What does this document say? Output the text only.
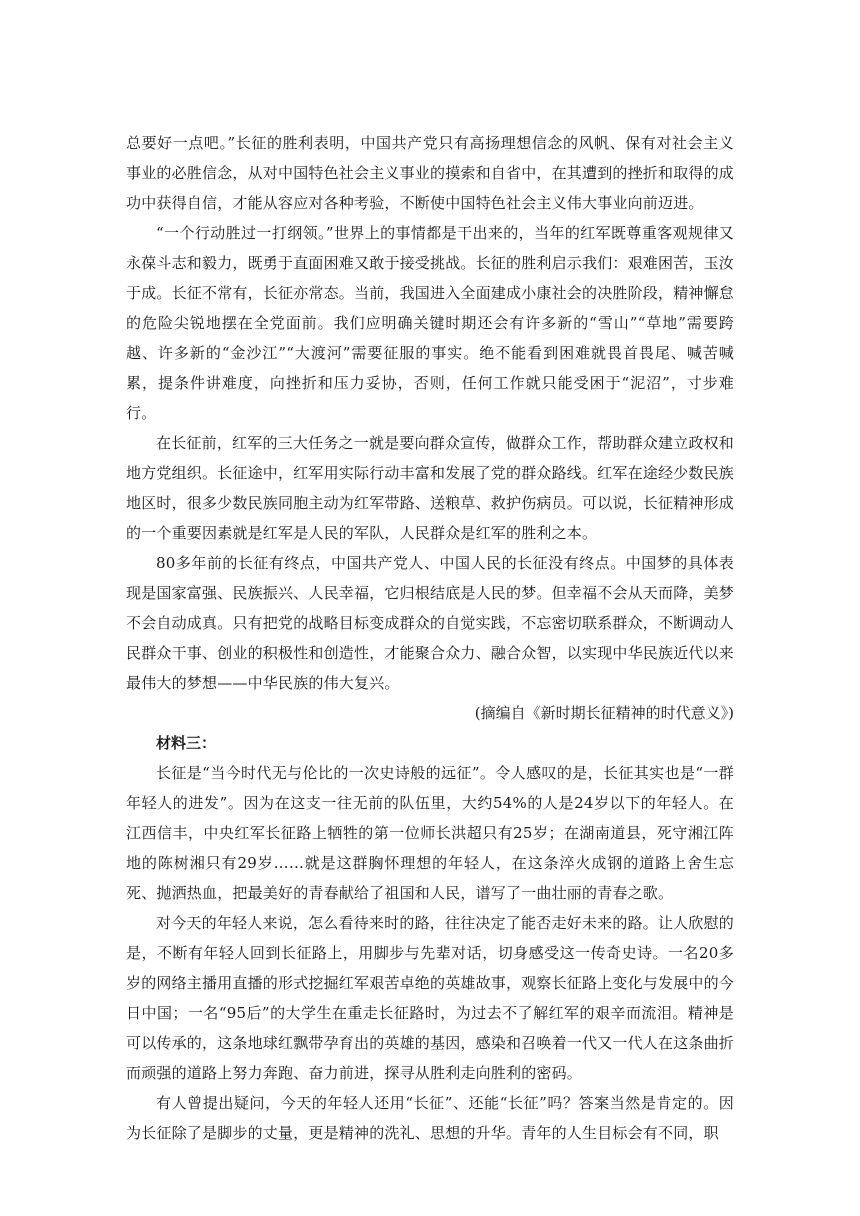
总要好一点吧。”长征的胜利表明，中国共产党只有高扬理想信念的风帆、保有对社会主义事业的必胜信念，从对中国特色社会主义事业的摸索和自省中，在其遭到的挫折和取得的成功中获得自信，才能从容应对各种考验，不断使中国特色社会主义伟大事业向前迈进。

“一个行动胜过一打纲领。”世界上的事情都是干出来的，当年的红军既尊重客观规律又永葆斗志和毅力，既勇于直面困难又敢于接受挑战。长征的胜利启示我们：艰难困苦，玉汝于成。长征不常有，长征亦常态。当前，我国进入全面建成小康社会的决胜阶段，精神懈怠的危险尖锐地摆在全党面前。我们应明确关键时期还会有许多新的“雪山”“草地”需要跨越、许多新的“金沙江”“大渡河”需要征服的事实。绝不能看到困难就畏首畏尾、喊苦喊累，提条件讲难度，向挫折和压力妥协，否则，任何工作就只能受困于“泥沼”，寸步难行。

在长征前，红军的三大任务之一就是要向群众宣传，做群众工作，帮助群众建立政权和地方党组织。长征途中，红军用实际行动丰富和发展了党的群众路线。红军在途经少数民族地区时，很多少数民族同胞主动为红军带路、送粮草、救护伤病员。可以说，长征精神形成的一个重要因素就是红军是人民的军队，人民群众是红军的胜利之本。

80多年前的长征有终点，中国共产党人、中国人民的长征没有终点。中国梦的具体表现是国家富强、民族振兴、人民幸福，它归根结底是人民的梦。但幸福不会从天而降，美梦不会自动成真。只有把党的战略目标变成群众的自觉实践，不忘密切联系群众，不断调动人民群众干事、创业的积极性和创造性，才能聚合众力、融合众智，以实现中华民族近代以来最伟大的梦想——中华民族的伟大复兴。

(摘编自《新时期长征精神的时代意义》)

材料三：

长征是“当今时代无与伦比的一次史诗般的远征”。令人感叹的是，长征其实也是“一群年轻人的进发”。因为在这支一往无前的队伍里，大约54%的人是24岁以下的年轻人。在江西信丰，中央红军长征路上牺牲的第一位师长洪超只有25岁；在湖南道县，死守湘江阵地的陈树湘只有29岁……就是这群胸怀理想的年轻人，在这条淬火成钢的道路上舍生忘死、抛洒热血，把最美好的青春献给了祖国和人民，谱写了一曲壮丽的青春之歌。

对今天的年轻人来说，怎么看待来时的路，往往决定了能否走好未来的路。让人欣慰的是，不断有年轻人回到长征路上，用脚步与先辈对话，切身感受这一传奇史诗。一名20多岁的网络主播用直播的形式挖掘红军艰苦卓绝的英雄故事，观察长征路上变化与发展中的今日中国；一名“95后”的大学生在重走长征路时，为过去不了解红军的艰辛而流泪。精神是可以传承的，这条地球红飘带孕育出的英雄的基因，感染和召唤着一代又一代人在这条曲折而顽强的道路上努力奔跑、奋力前进，探寻从胜利走向胜利的密码。

有人曾提出疑问，今天的年轻人还用“长征”、还能“长征”吗？答案当然是肯定的。因为长征除了是脚步的丈量，更是精神的洗礼、思想的升华。青年的人生目标会有不同，职
